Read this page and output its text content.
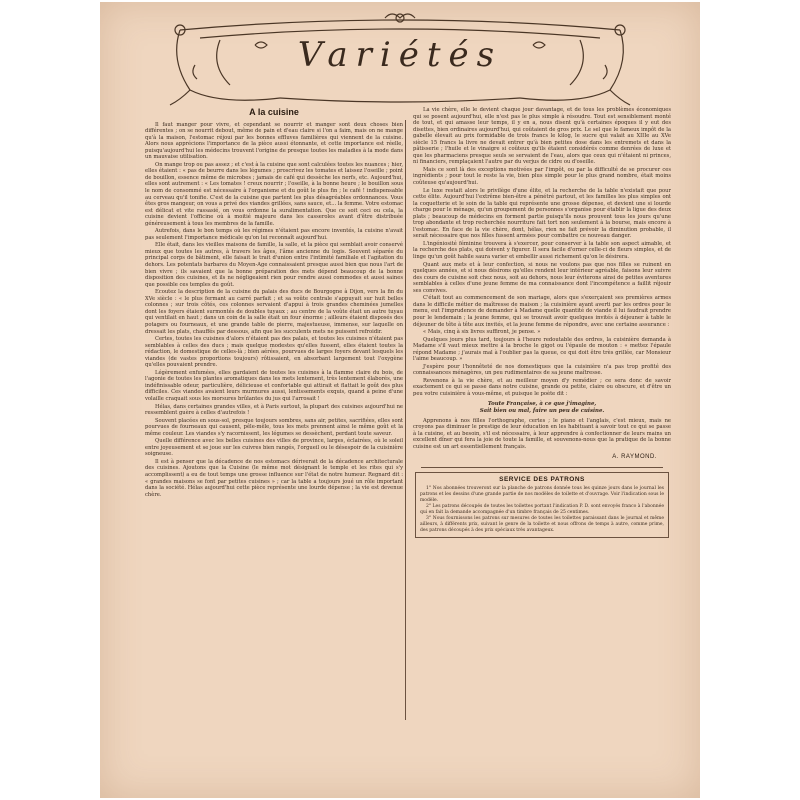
Variétés
A la cuisine

Il faut manger pour vivre, et cependant se nourrir et manger sont deux choses bien différentes ; on se nourrit debout, même de pain et d'eau claire si l'on a faim, mais on ne mange qu'à la maison, l'estomac réjoui par les bonnes effluves familières qui viennent de la cuisine. Alors nous apprécions l'importance de la pièce aussi étonnante, et cette importance est réelle, puisqu'aujourd'hui les médecins trouvent l'origine de presque toutes les maladies à la mode dans un mauvaise utilisation.

On mange trop ou pas assez ; et c'est à la cuisine que sont calculées toutes les nuances ; hier, elles étaient : « pas de beurre dans les légumes ; proscrivez les tomates et laissez l'oseille ; point de bouillon, essence même de microbes ; jamais de café qui dessèche les nerfs, etc. Aujourd'hui, elles sont autrement : « Les tomates ! creux nourrir ; l'oseille, à la bonne heure ; le bouillon sous le nom de consommé est nécessaire à l'organisme et du goût le plus fin ; le café ! indispensable au cerveau qu'il tonifie. C'est de la cuisine que partent les plus désagréables ordonnances. Vous êtes gros mangeur, on vous a privé des viandes grillées, sans sauce, et... la femme. Votre estomac est délicat et vite rassasié, on vous ordonne la suralimentation. Que ce soit ceci ou cela, la cuisine devient l'officine où à moitié majeure dans les casseroles avant d'être distribuée généreusement à tous les membres de la famille.

Autrefois, dans le bon temps où les régimes n'étaient pas encore inventés, la cuisine n'avait pas seulement l'importance médicale qu'on lui reconnaît aujourd'hui.

Elle était, dans les vieilles maisons de famille, la salle, et la pièce qui semblait avoir conservé mieux que toutes les autres, à travers les âges, l'âme ancienne du logis. Souvent séparée du principal corps de bâtiment, elle faisait le trait d'union entre l'intimité familiale et l'agitation du dehors. Les potentats barbares du Moyen-Age connaissaient presque aussi bien que nous l'art de bien vivre ; ils savaient que la bonne préparation des mets dépend beaucoup de la bonne disposition des cuisines, et ils ne négligeaient rien pour rendre aussi commodes et aussi saines que possible ces temples du goût.

Ecoutez la description de la cuisine du palais des ducs de Bourgogne à Dijon, vers la fin du XVe siècle : « le plus fermant au carré parfait ; et sa voûte centrale s'appuyait sur huit belles colonnes ; sur trois côtés, ces colonnes servaient d'appui à trois grandes cheminées jumelles dont les foyers étaient surmontés de doubles tuyaux ; au centre de la voûte était un autre tuyau qui ventilait en haut ; dans un coin de la salle était un four énorme ; ailleurs étaient disposés des potagers ou fourneaux, et une grande table de pierre, majestueuse, immense, sur laquelle on dressait les plats, chauffés par dessous, afin que les succulents mets ne puissent refroidir.

Certes, toutes les cuisines d'alors n'étaient pas des palais, et toutes les cuisines n'étaient pas semblables à celles des ducs ; mais quelque modestes qu'elles fussent, elles étaient toutes la rédaction, le domestique de celles-là ; bien aérées, pourvues de larges foyers devant lesquels les viandes (de vastes proportions toujours) rôtissaient, en absorbant largement tout l'oxygène qu'elles pouvaient prendre.

Légèrement enfumées, elles gardaient de toutes les cuisines à la flamme claire du bois, de l'agonie de toutes les plantes aromatiques dans les mets lentement, très lentement élaborés, une indéfinissable odeur, particulière, délicieuse et confortable qui attirait et flattait le goût des plus difficiles. Ces viandes avaient leurs murmures aussi, lentissements exquis, quand à peine d'une volaille craquait sous les morsures brûlantes du jus qui l'arrosait !

Hélas, dans certaines grandes villes, et à Paris surtout, la plupart des cuisines aujourd'hui ne ressemblent guère à celles d'autrefois !

Souvent placées en sous-sol, presque toujours sombres, sans air, petites, sacrifiées, elles sont pourvues de fourneaux qui causent, pêle-mêle, tous les mets prennent ainsi le même goût et la même couleur. Les viandes s'y racornissent, les légumes se dessèchent, perdant toute saveur.

Quelle différence avec les belles cuisines des villes de province, larges, éclairées, où le soleil entre joyeusement et se joue sur les cuivres bien rangés, l'orgueil ou le désespoir de la cuisinière soigneuse.

Il est à penser que la décadence de nos estomacs dériverait de la décadence architecturale des cuisines. Ajoutons que la Cuisine (le même mot désignant le temple et les rites qui s'y accomplissent) a eu de tout temps une grosse influence sur l'état de notre humeur. Regnard dit : « grandes maisons se font par petites cuisines » ; car la table a toujours joué un rôle important dans la société. Hélas aujourd'hui cette pièce représente une lourde dépense ; la vie est devenue chère.

La vie chère, elle le devient chaque jour davantage, et de tous les problèmes économiques qui se posent aujourd'hui, elle n'est pas le plus simple à résoudre. Tout est sensiblement monté de tout, et qui amasse leur temps, il y en a, nous disent qu'à certaines époques il y eut des disettes, bien ordinaires aujourd'hui, qui coûtaient de gros prix. Le sel que le fameux impôt de la gabelle élevait au prix formidable de trois francs le kilog, le sucre qui valait au XIIIe au XVe siècle 15 francs la livre ne devait entrer qu'à bien petites dose dans les entremets et dans la pâtisserie ; l'huile et le vinaigre si coûteux qu'ils étaient considérés comme denrées de luxe et que les pharmaciens presque seuls se servaient de l'eau, alors que ceux qui n'étaient ni princes, ni financiers, remplaçaient l'autre par du verjus de cidre ou d'oseille.

Mais ce sont là des exceptions motivées par l'impôt, ou par la difficulté de se procurer ces ingrédients ; pour tout le reste la vie, bien plus simple pour le plus grand nombre, était moins coûteuse qu'aujourd'hui.

Le luxe restait alors le privilège d'une élite, et la recherche de la table n'existait que pour cette élite. Aujourd'hui l'extrême bien-être a pénétré partout, et les familles les plus simples ont la coquetterie et le soin de la table qui représente une grosse dépense, et devient une si lourde charge pour le ménage, qu'un groupement de personnes s'organise pour établir la ligue des deux plats ; beaucoup de médecins en forment partie puisqu'ils nous prouvent tous les jours qu'une trop abondante et trop recherchée nourriture fait tort non seulement à la bourse, mais encore à l'estomac. En face de la vie chère, dont, hélas, rien ne fait prévoir la diminution probable, il serait nécessaire que nos filles fussent armées pour combattre ce nouveau danger.

L'ingéniosité féminine trouvera à s'exercer, pour conserver à la table son aspect aimable, et la recherche des plats, qui doivent y figurer. Il sera facile d'orner celle-ci de fleurs simples, et de linge qu'un goût habile saura varier et embellir aussi richement qu'on le désirera.

Quant aux mets et à leur confection, si nous ne voulons pas que nos filles se ruinent en quelques années, et si nous désirons qu'elles rendent leur intérieur agréable, faisons leur suivre des cours de cuisine soit chez nous, soit au dehors, nous leur éviterons ainsi de petites aventures semblables à celles d'une jeune femme de ma connaissance dont l'incompétence a faillit réjouir ses convives.

C'était tout au commencement de son mariage, alors que s'exerçaient ses premières armes dans le difficile métier de maîtresse de maison ; la cuisinière ayant averti par les ordres pour le menu, eut l'imprudence de demander à Madame quelle quantité de viande il lui faudrait prendre pour le lendemain ; la jeune femme, qui se trouvait avoir quelques invités à déjeuner à table le déjeuner de tête à tête aux invités, et la jeune femme de répondre, avec une certaine assurance :

« Mais, cinq à six livres suffiront, je pense. »

Quelques jours plus tard, toujours à l'heure redoutable des ordres, la cuisinière demanda à Madame s'il vaut mieux mettre à la broche le gigot ou l'épaule de mouton : « mettez l'épaule répond Madame ; j'aurais mal à l'oublier pas la queue, ce qui doit être très grillée, car Monsieur l'aime beaucoup. »

J'espère pour l'honnêteté de nos domestiques que la cuisinière n'a pas trop profité des connaissances ménagères, un peu rudimentaires de sa jeune maîtresse.

Revenons à la vie chère, et au meilleur moyen d'y remédier ; ce sera donc de savoir exactement ce qui se passe dans notre cuisine, grande ou petite, claire ou obscure, et d'être un peu votre cuisinière à vous-même, et puisque le poète dit :

Toute Française, à ce que j'imagine,
Sait bien ou mal, faire un peu de cuisine.

Apprenons à nos filles l'orthographe, certes ; le piano et l'anglais, c'est mieux, mais ne croyons pas diminuer le prestige de leur éducation en les habituant à savoir tout ce qui se passe à la cuisine, et au besoin, s'il est nécessaire, à leur apprendre à confectionner de leurs mains un excellent dîner qui fera la joie de toute la famille, et souvenons-nous que la pratique de la bonne cuisine est un art essentiellement français.

A. RAYMOND.
SERVICE DES PATRONS

1° Nos abonnées trouveront sur la planche de patrons donnée tous les quinze jours dans le journal les patrons et les dessins d'une grande partie de nos modèles de toilette et d'ouvrage. Voir l'indication sous le modèle.

2° Les patrons découpés de toutes les toilettes portant l'indication P. D. sont envoyés franco à l'abonnée qui en fait la demande accompagnée d'un timbre français de 25 centimes.

3° Nous fournissons les patrons sur mesures de toutes les toilettes paraissant dans le journal et même ailleurs, à différents prix, suivant le genre de la toilette et nous offrons de temps à autre, comme prime, des patrons découpés à des prix spéciaux très avantageux.
